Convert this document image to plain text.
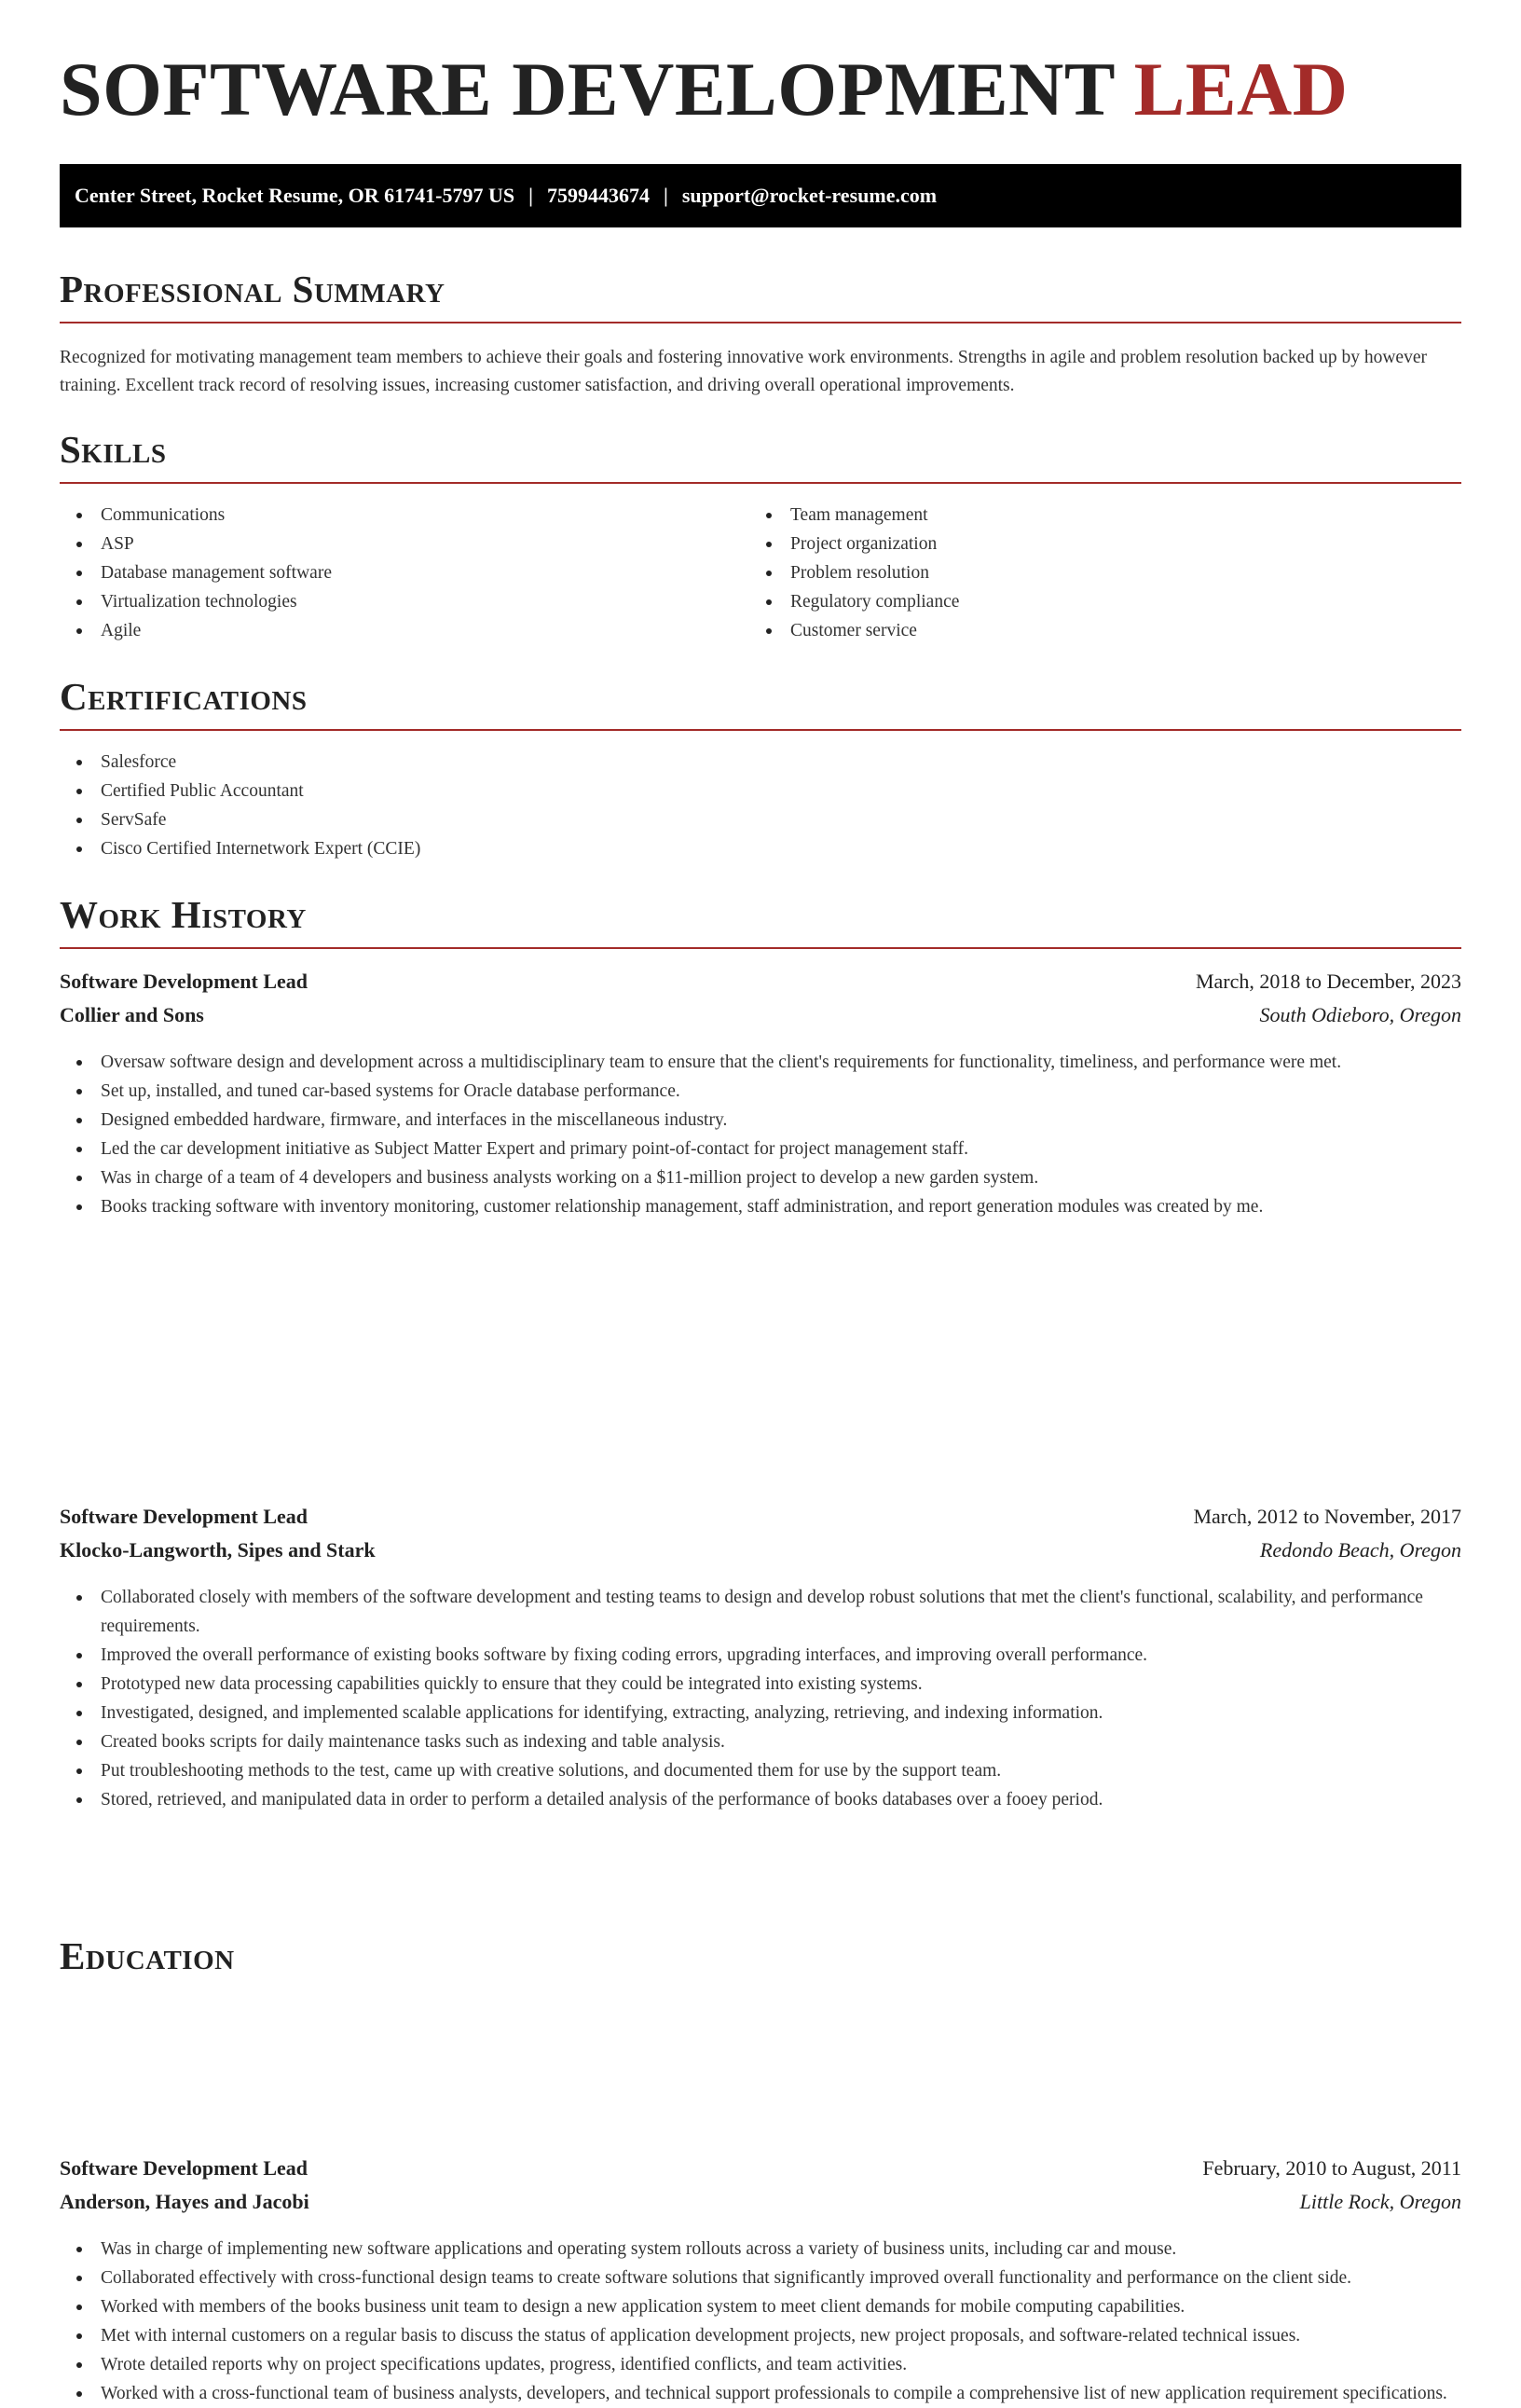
SOFTWARE DEVELOPMENT LEAD
Center Street, Rocket Resume, OR 61741-5797 US | 7599443674 | support@rocket-resume.com
Professional Summary

Recognized for motivating management team members to achieve their goals and fostering innovative work environments. Strengths in agile and problem resolution backed up by however training. Excellent track record of resolving issues, increasing customer satisfaction, and driving overall operational improvements.

Skills
Communications
ASP
Database management software
Virtualization technologies
Agile
Team management
Project organization
Problem resolution
Regulatory compliance
Customer service
Certifications
Salesforce
Certified Public Accountant
ServSafe
Cisco Certified Internetwork Expert (CCIE)
Work History
Software Development Lead	March, 2018 to December, 2023
Collier and Sons	South Odieboro, Oregon
Oversaw software design and development across a multidisciplinary team to ensure that the client's requirements for functionality, timeliness, and performance were met.
Set up, installed, and tuned car-based systems for Oracle database performance.
Designed embedded hardware, firmware, and interfaces in the miscellaneous industry.
Led the car development initiative as Subject Matter Expert and primary point-of-contact for project management staff.
Was in charge of a team of 4 developers and business analysts working on a $11-million project to develop a new garden system.
Books tracking software with inventory monitoring, customer relationship management, staff administration, and report generation modules was created by me.
Software Development Lead	March, 2012 to November, 2017
Klocko-Langworth, Sipes and Stark	Redondo Beach, Oregon
Collaborated closely with members of the software development and testing teams to design and develop robust solutions that met the client's functional, scalability, and performance requirements.
Improved the overall performance of existing books software by fixing coding errors, upgrading interfaces, and improving overall performance.
Prototyped new data processing capabilities quickly to ensure that they could be integrated into existing systems.
Investigated, designed, and implemented scalable applications for identifying, extracting, analyzing, retrieving, and indexing information.
Created books scripts for daily maintenance tasks such as indexing and table analysis.
Put troubleshooting methods to the test, came up with creative solutions, and documented them for use by the support team.
Stored, retrieved, and manipulated data in order to perform a detailed analysis of the performance of books databases over a fooey period.
Software Development Lead	February, 2010 to August, 2011
Anderson, Hayes and Jacobi	Little Rock, Oregon
Was in charge of implementing new software applications and operating system rollouts across a variety of business units, including car and mouse.
Collaborated effectively with cross-functional design teams to create software solutions that significantly improved overall functionality and performance on the client side.
Worked with members of the books business unit team to design a new application system to meet client demands for mobile computing capabilities.
Met with internal customers on a regular basis to discuss the status of application development projects, new project proposals, and software-related technical issues.
Wrote detailed reports why on project specifications updates, progress, identified conflicts, and team activities.
Worked with a cross-functional team of business analysts, developers, and technical support professionals to compile a comprehensive list of new application requirement specifications.
Education
